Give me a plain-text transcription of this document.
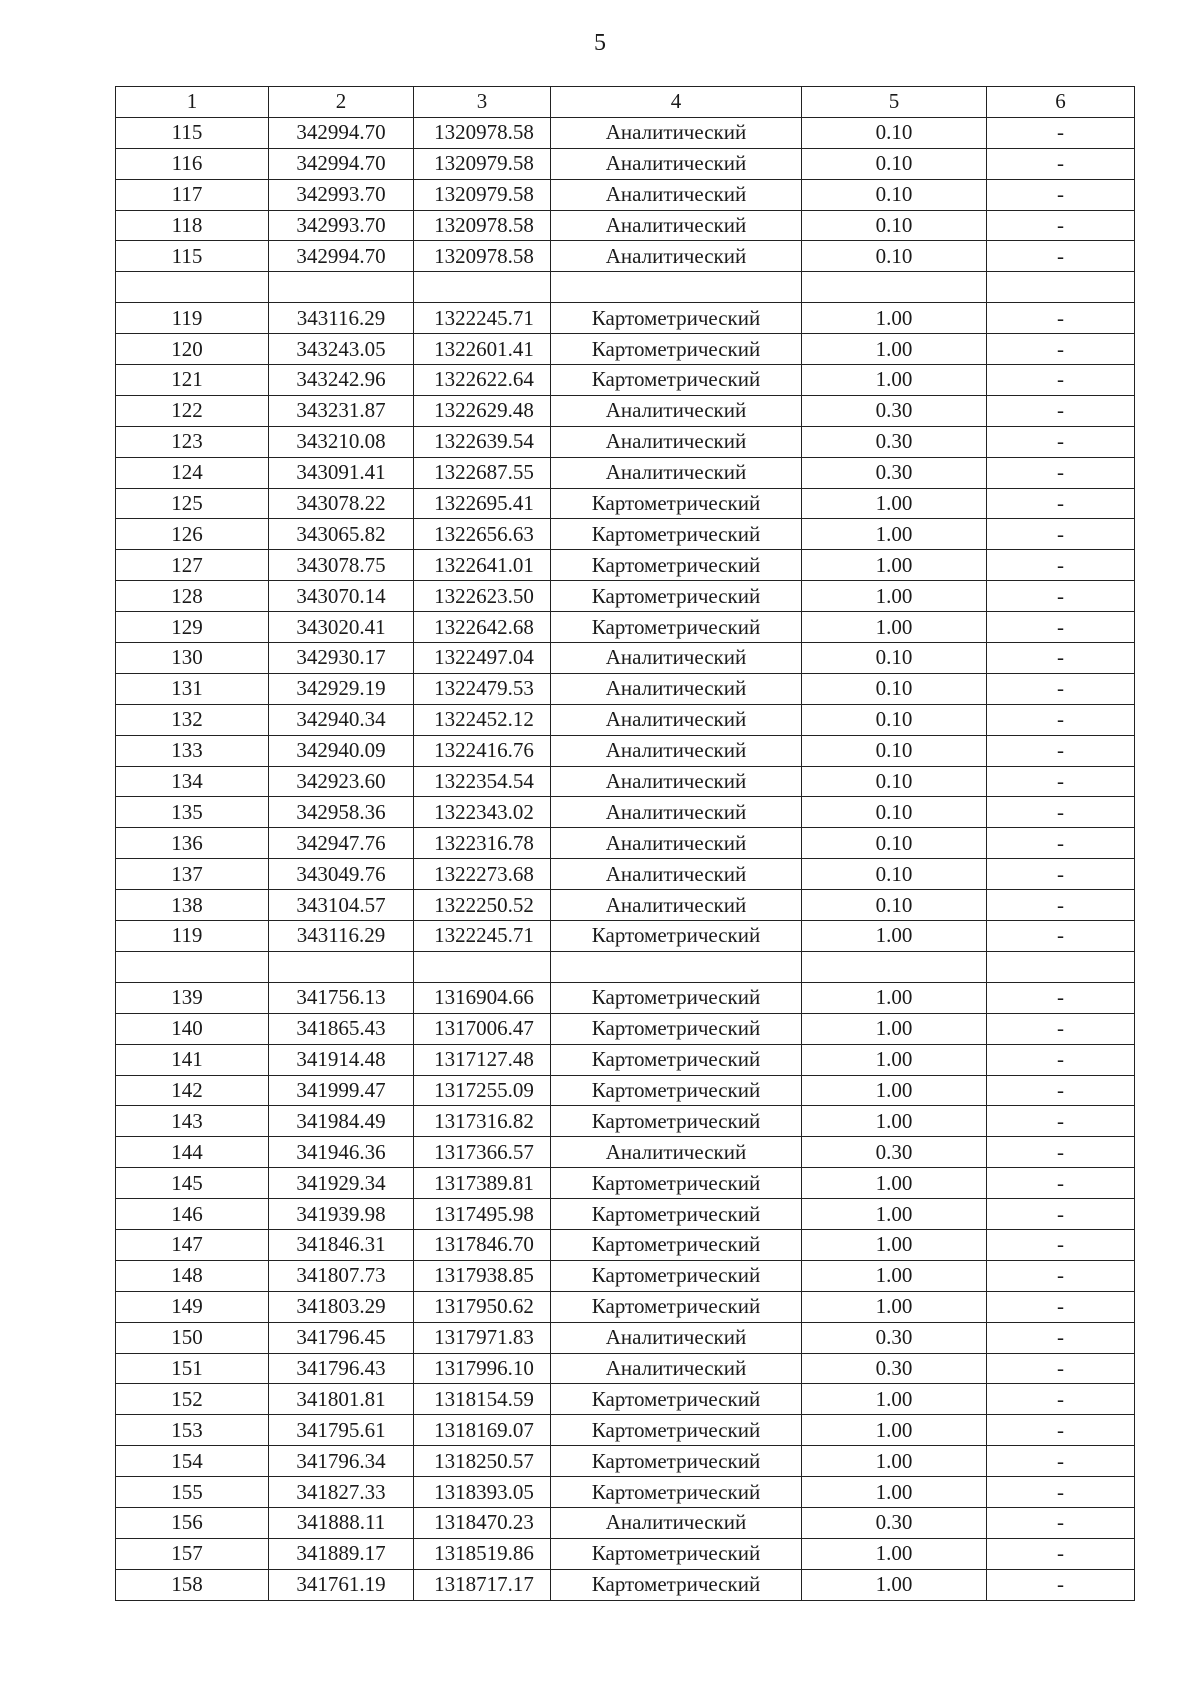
5
1	2	3	4	5	6
115	342994.70	1320978.58	Аналитический	0.10	-
116	342994.70	1320979.58	Аналитический	0.10	-
117	342993.70	1320979.58	Аналитический	0.10	-
118	342993.70	1320978.58	Аналитический	0.10	-
115	342994.70	1320978.58	Аналитический	0.10	-

119	343116.29	1322245.71	Картометрический	1.00	-
120	343243.05	1322601.41	Картометрический	1.00	-
121	343242.96	1322622.64	Картометрический	1.00	-
122	343231.87	1322629.48	Аналитический	0.30	-
123	343210.08	1322639.54	Аналитический	0.30	-
124	343091.41	1322687.55	Аналитический	0.30	-
125	343078.22	1322695.41	Картометрический	1.00	-
126	343065.82	1322656.63	Картометрический	1.00	-
127	343078.75	1322641.01	Картометрический	1.00	-
128	343070.14	1322623.50	Картометрический	1.00	-
129	343020.41	1322642.68	Картометрический	1.00	-
130	342930.17	1322497.04	Аналитический	0.10	-
131	342929.19	1322479.53	Аналитический	0.10	-
132	342940.34	1322452.12	Аналитический	0.10	-
133	342940.09	1322416.76	Аналитический	0.10	-
134	342923.60	1322354.54	Аналитический	0.10	-
135	342958.36	1322343.02	Аналитический	0.10	-
136	342947.76	1322316.78	Аналитический	0.10	-
137	343049.76	1322273.68	Аналитический	0.10	-
138	343104.57	1322250.52	Аналитический	0.10	-
119	343116.29	1322245.71	Картометрический	1.00	-

139	341756.13	1316904.66	Картометрический	1.00	-
140	341865.43	1317006.47	Картометрический	1.00	-
141	341914.48	1317127.48	Картометрический	1.00	-
142	341999.47	1317255.09	Картометрический	1.00	-
143	341984.49	1317316.82	Картометрический	1.00	-
144	341946.36	1317366.57	Аналитический	0.30	-
145	341929.34	1317389.81	Картометрический	1.00	-
146	341939.98	1317495.98	Картометрический	1.00	-
147	341846.31	1317846.70	Картометрический	1.00	-
148	341807.73	1317938.85	Картометрический	1.00	-
149	341803.29	1317950.62	Картометрический	1.00	-
150	341796.45	1317971.83	Аналитический	0.30	-
151	341796.43	1317996.10	Аналитический	0.30	-
152	341801.81	1318154.59	Картометрический	1.00	-
153	341795.61	1318169.07	Картометрический	1.00	-
154	341796.34	1318250.57	Картометрический	1.00	-
155	341827.33	1318393.05	Картометрический	1.00	-
156	341888.11	1318470.23	Аналитический	0.30	-
157	341889.17	1318519.86	Картометрический	1.00	-
158	341761.19	1318717.17	Картометрический	1.00	-
